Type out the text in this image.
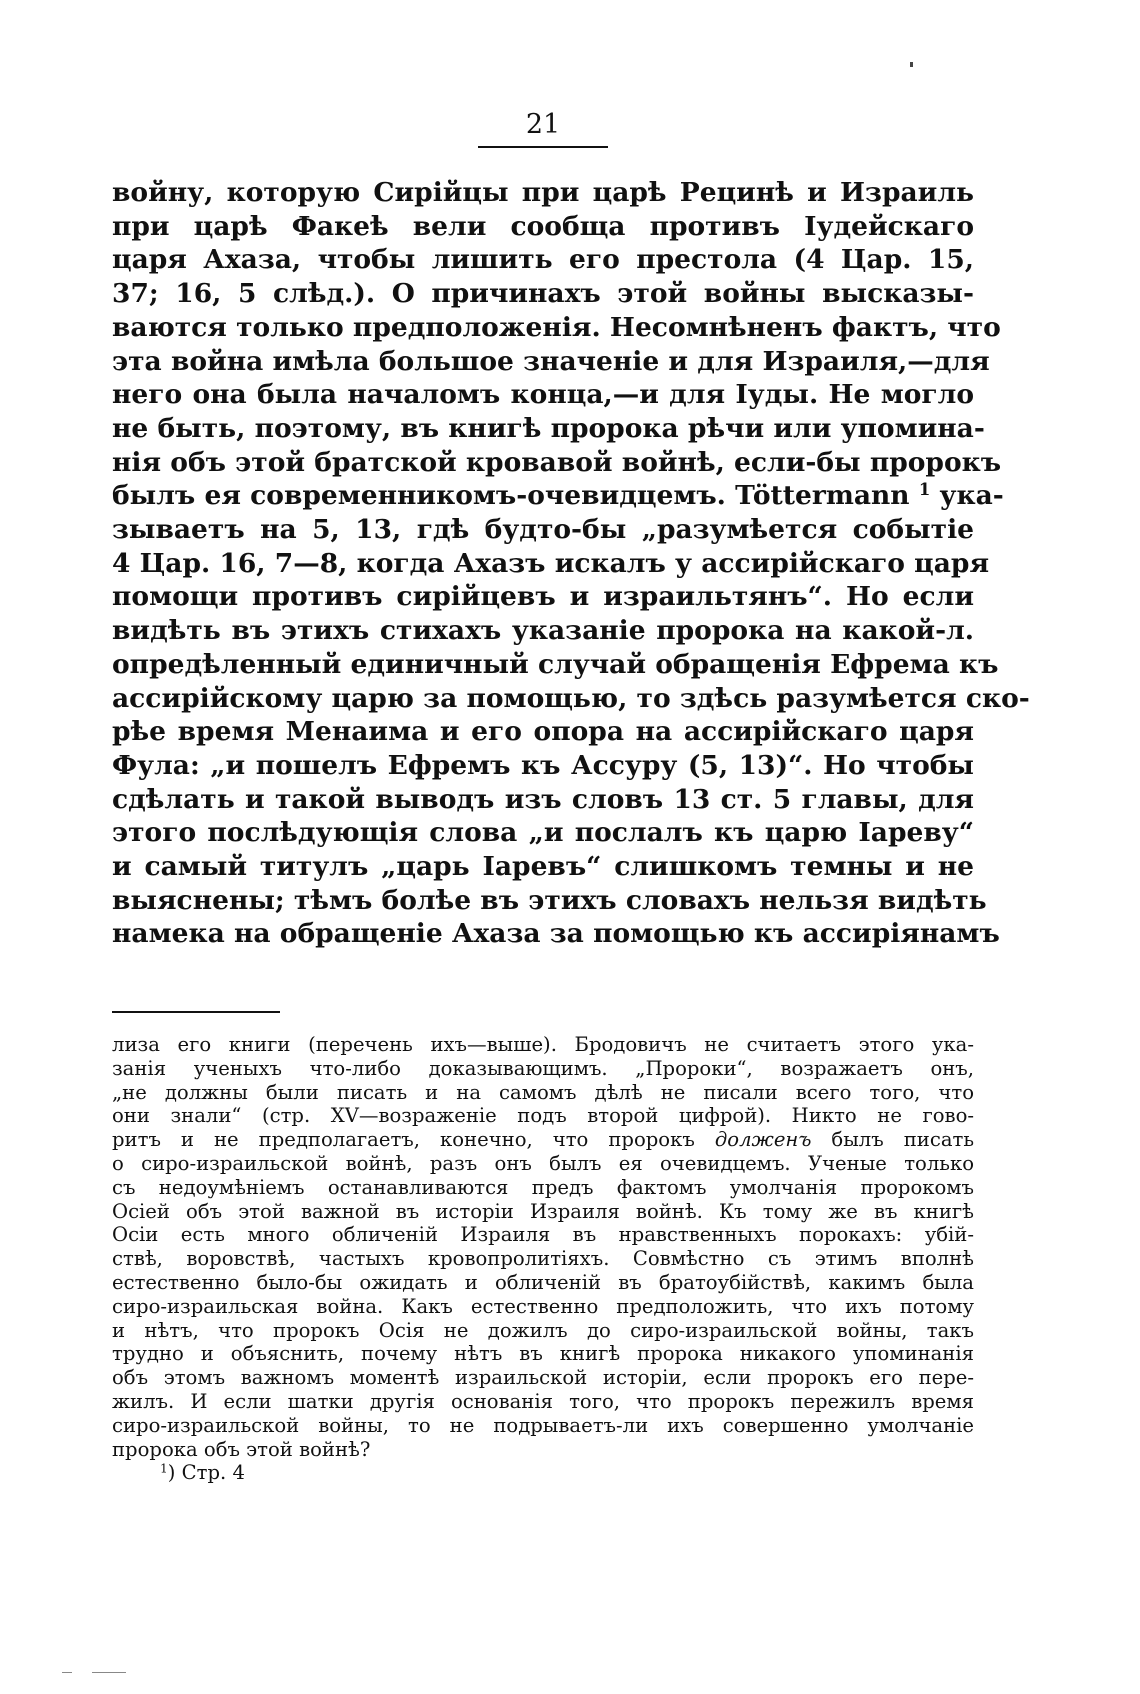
21
войну, которую Сирійцы при царѣ Рецинѣ и Израиль
при царѣ Факеѣ вели сообща противъ Іудейскаго
царя Ахаза, чтобы лишить его престола (4 Цар. 15,
37; 16, 5 слѣд.). О причинахъ этой войны высказы-
ваются только предположенія. Несомнѣненъ фактъ, что
эта война имѣла большое значеніе и для Израиля,—для
него она была началомъ конца,—и для Іуды. Не могло
не быть, поэтому, въ книгѣ пророка рѣчи или упомина-
нія объ этой братской кровавой войнѣ, если-бы пророкъ
былъ ея современникомъ-очевидцемъ. Töttermann $^1$ ука-
зываетъ на 5, 13, гдѣ будто-бы „разумѣется событіе
4 Цар. 16, 7—8, когда Ахазъ искалъ у ассирійскаго царя
помощи противъ сирійцевъ и израильтянъ“. Но если
видѣть въ этихъ стихахъ указаніе пророка на какой-л.
опредѣленный единичный случай обращенія Ефрема къ
ассирійскому царю за помощью, то здѣсь разумѣется ско-
рѣе время Менаима и его опора на ассирійскаго царя
Фула: „и пошелъ Ефремъ къ Ассуру (5, 13)“. Но чтобы
сдѣлать и такой выводъ изъ словъ 13 ст. 5 главы, для
этого послѣдующія слова „и послалъ къ царю Іареву“
и самый титулъ „царь Іаревъ“ слишкомъ темны и не
выяснены; тѣмъ болѣе въ этихъ словахъ нельзя видѣть
намека на обращеніе Ахаза за помощью къ ассиріянамъ
лиза его книги (перечень ихъ—выше). Бродовичъ не считаетъ этого ука-
занія ученыхъ что-либо доказывающимъ. „Пророки“, возражаетъ онъ,
„не должны были писать и на самомъ дѣлѣ не писали всего того, что
они знали“ (стр. XV—возраженіе подъ второй цифрой). Никто не гово-
ритъ и не предполагаетъ, конечно, что пророкъ долженъ былъ писать
о сиро-израильской войнѣ, разъ онъ былъ ея очевидцемъ. Ученые только
съ недоумѣніемъ останавливаются предъ фактомъ умолчанія пророкомъ
Осіей объ этой важной въ исторіи Израиля войнѣ. Къ тому же въ книгѣ
Осіи есть много обличеній Израиля въ нравственныхъ порокахъ: убій-
ствѣ, воровствѣ, частыхъ кровопролитіяхъ. Совмѣстно съ этимъ вполнѣ
естественно было-бы ожидать и обличеній въ братоубійствѣ, какимъ была
сиро-израильская война. Какъ естественно предположить, что ихъ потому
и нѣтъ, что пророкъ Осія не дожилъ до сиро-израильской войны, такъ
трудно и объяснить, почему нѣтъ въ книгѣ пророка никакого упоминанія
объ этомъ важномъ моментѣ израильской исторіи, если пророкъ его пере-
жилъ. И если шатки другія основанія того, что пророкъ пережилъ время
сиро-израильской войны, то не подрываетъ-ли ихъ совершенно умолчаніе
пророка объ этой войнѣ?
$^1$) Стр. 4
